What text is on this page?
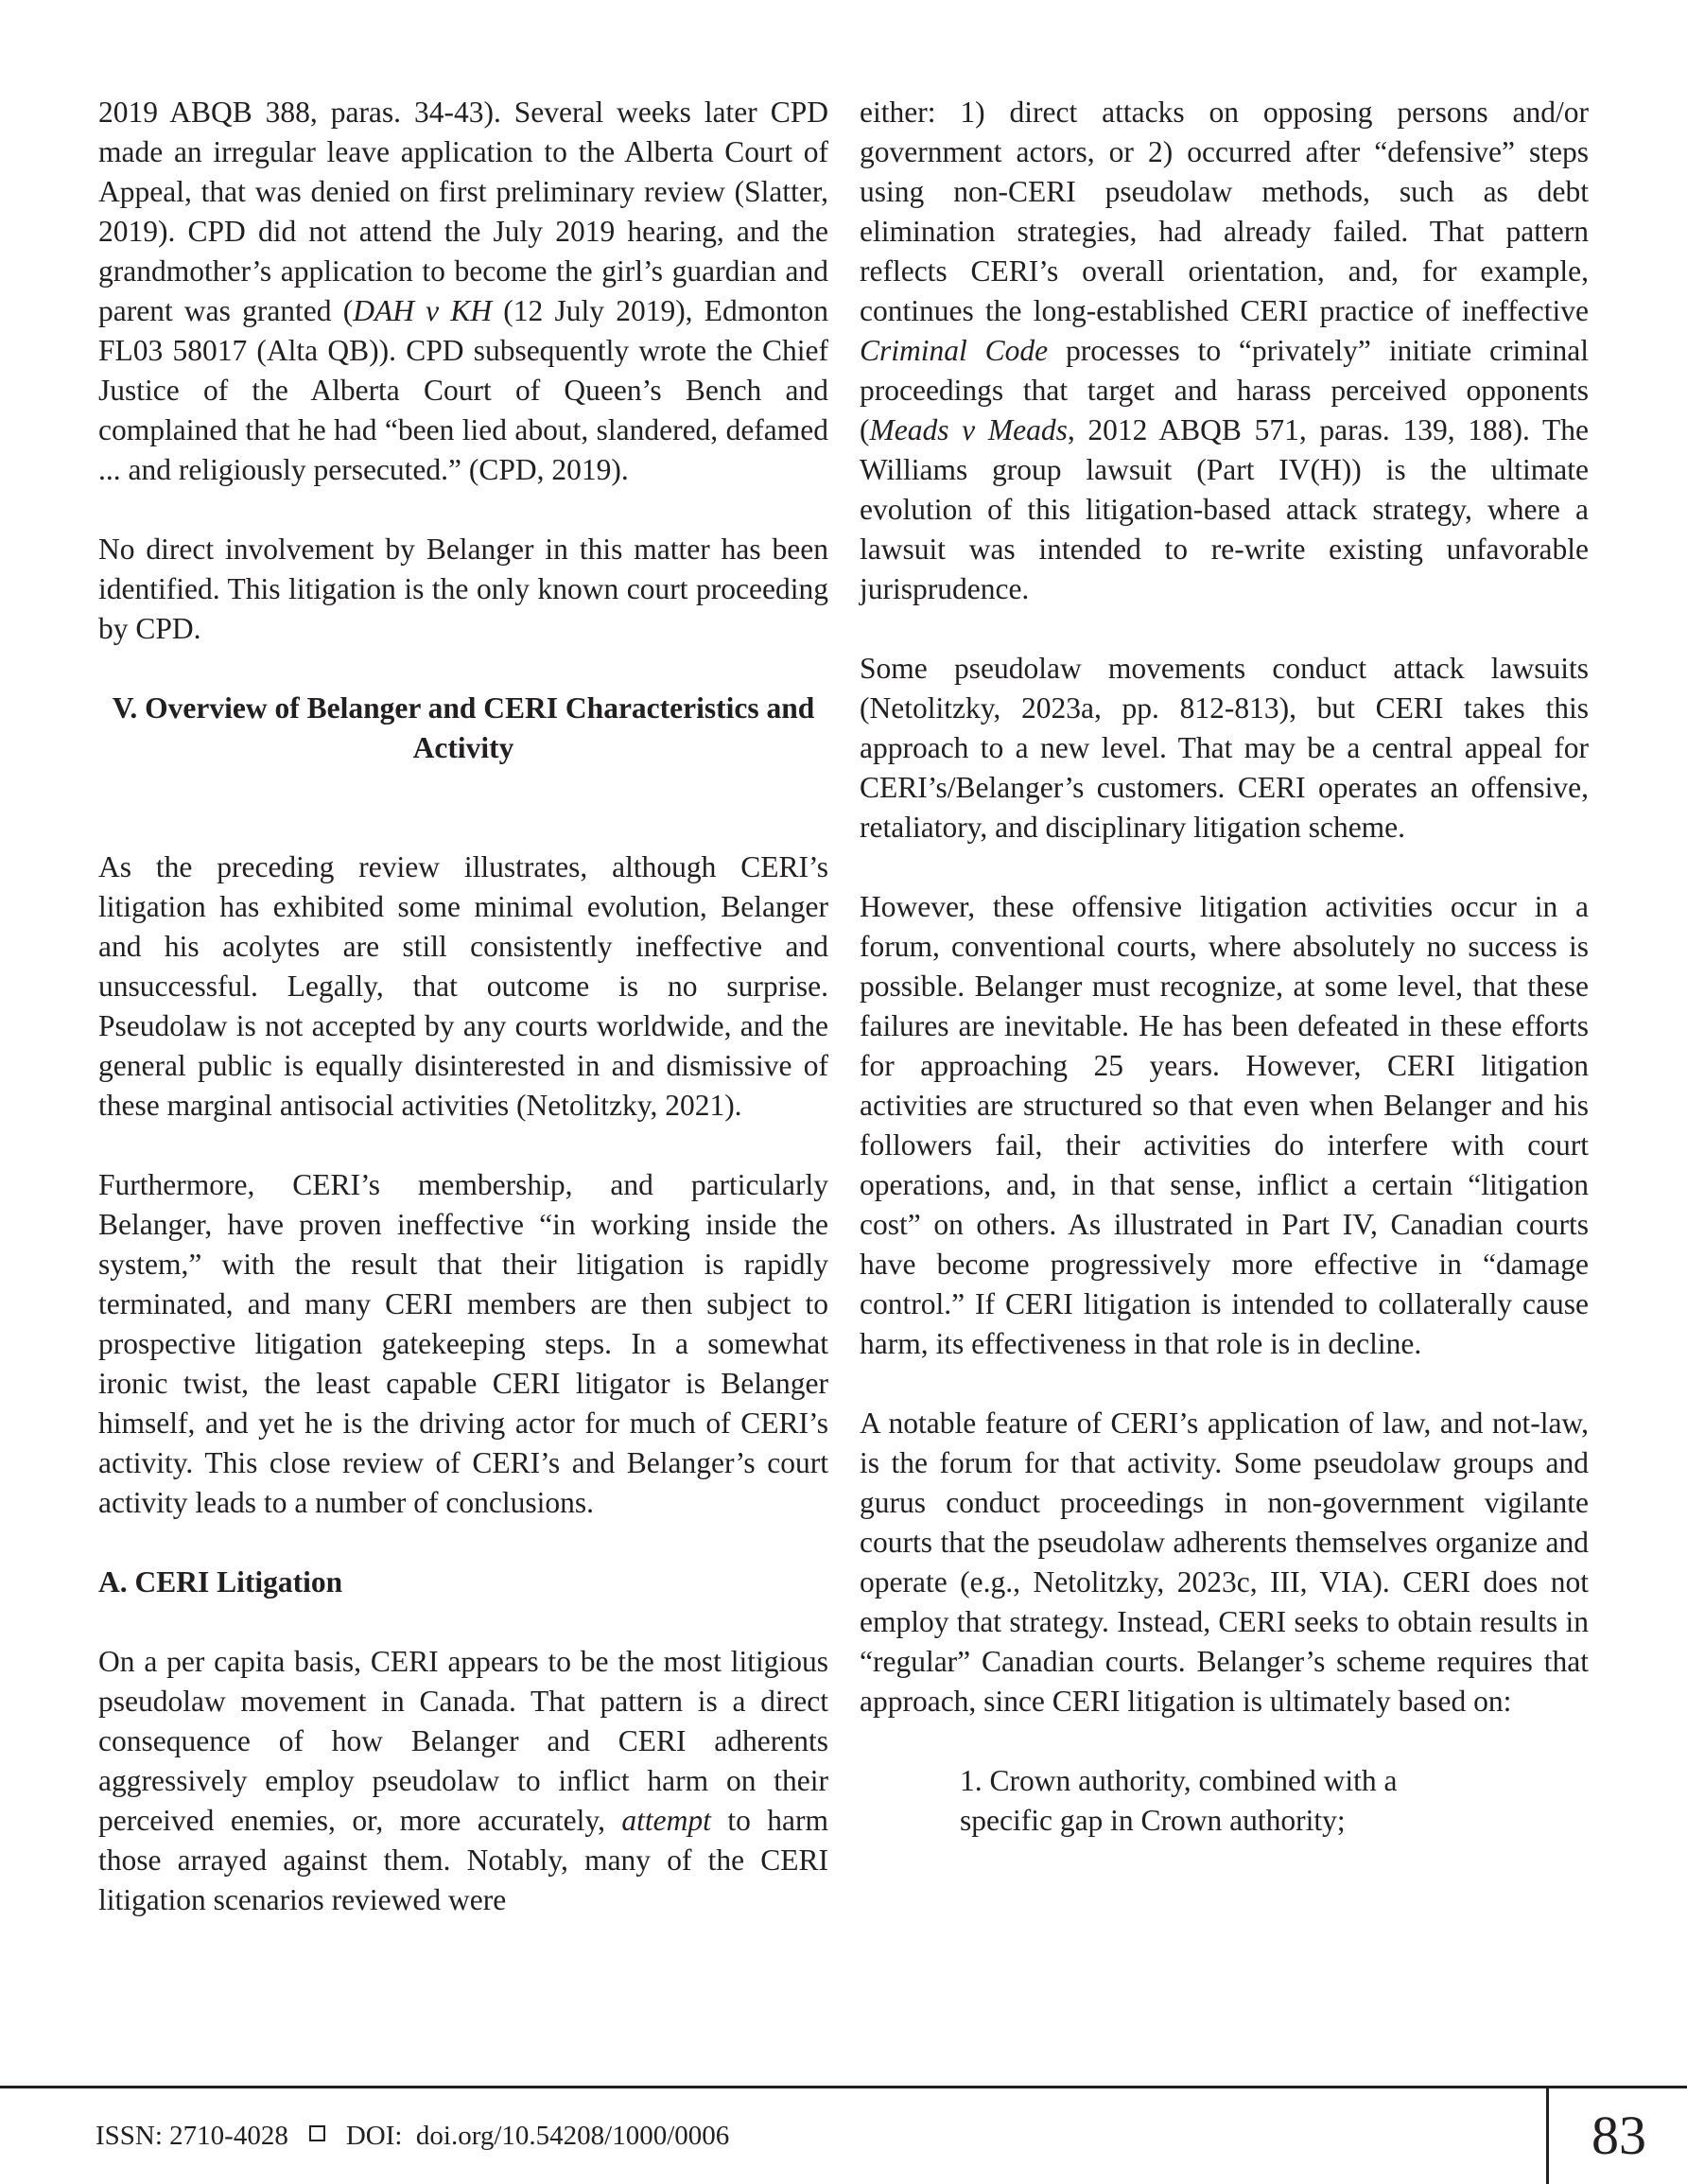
2019 ABQB 388, paras. 34-43). Several weeks later CPD made an irregular leave application to the Alberta Court of Appeal, that was denied on first preliminary review (Slatter, 2019). CPD did not attend the July 2019 hearing, and the grandmother’s application to become the girl’s guardian and parent was granted (DAH v KH (12 July 2019), Edmonton FL03 58017 (Alta QB)). CPD subsequently wrote the Chief Justice of the Alberta Court of Queen’s Bench and complained that he had “been lied about, slandered, defamed ... and religiously persecuted.” (CPD, 2019).

No direct involvement by Belanger in this matter has been identified. This litigation is the only known court proceeding by CPD.

V. Overview of Belanger and CERI Characteristics and Activity

As the preceding review illustrates, although CERI’s litigation has exhibited some minimal evolution, Belanger and his acolytes are still consistently ineffective and unsuccessful. Legally, that outcome is no surprise. Pseudolaw is not accepted by any courts worldwide, and the general public is equally disinterested in and dismissive of these marginal antisocial activities (Netolitzky, 2021).

Furthermore, CERI’s membership, and particularly Belanger, have proven ineffective “in working inside the system,” with the result that their litigation is rapidly terminated, and many CERI members are then subject to prospective litigation gatekeeping steps. In a somewhat ironic twist, the least capable CERI litigator is Belanger himself, and yet he is the driving actor for much of CERI’s activity. This close review of CERI’s and Belanger’s court activity leads to a number of conclusions.

A. CERI Litigation

On a per capita basis, CERI appears to be the most litigious pseudolaw movement in Canada. That pattern is a direct consequence of how Belanger and CERI adherents aggressively employ pseudolaw to inflict harm on their perceived enemies, or, more accurately, attempt to harm those arrayed against them. Notably, many of the CERI litigation scenarios reviewed were

either: 1) direct attacks on opposing persons and/or government actors, or 2) occurred after “defensive” steps using non-CERI pseudolaw methods, such as debt elimination strategies, had already failed. That pattern reflects CERI’s overall orientation, and, for example, continues the long-established CERI practice of ineffective Criminal Code processes to “privately” initiate criminal proceedings that target and harass perceived opponents (Meads v Meads, 2012 ABQB 571, paras. 139, 188). The Williams group lawsuit (Part IV(H)) is the ultimate evolution of this litigation-based attack strategy, where a lawsuit was intended to re-write existing unfavorable jurisprudence.

Some pseudolaw movements conduct attack lawsuits (Netolitzky, 2023a, pp. 812-813), but CERI takes this approach to a new level. That may be a central appeal for CERI’s/Belanger’s customers. CERI operates an offensive, retaliatory, and disciplinary litigation scheme.

However, these offensive litigation activities occur in a forum, conventional courts, where absolutely no success is possible. Belanger must recognize, at some level, that these failures are inevitable. He has been defeated in these efforts for approaching 25 years. However, CERI litigation activities are structured so that even when Belanger and his followers fail, their activities do interfere with court operations, and, in that sense, inflict a certain “litigation cost” on others. As illustrated in Part IV, Canadian courts have become progressively more effective in “damage control.” If CERI litigation is intended to collaterally cause harm, its effectiveness in that role is in decline.

A notable feature of CERI’s application of law, and not-law, is the forum for that activity. Some pseudolaw groups and gurus conduct proceedings in non-government vigilante courts that the pseudolaw adherents themselves organize and operate (e.g., Netolitzky, 2023c, III, VIA). CERI does not employ that strategy. Instead, CERI seeks to obtain results in “regular” Canadian courts. Belanger’s scheme requires that approach, since CERI litigation is ultimately based on:

1. Crown authority, combined with a specific gap in Crown authority;

ISSN: 2710-4028 DOI:  doi.org/10.54208/1000/0006	83
